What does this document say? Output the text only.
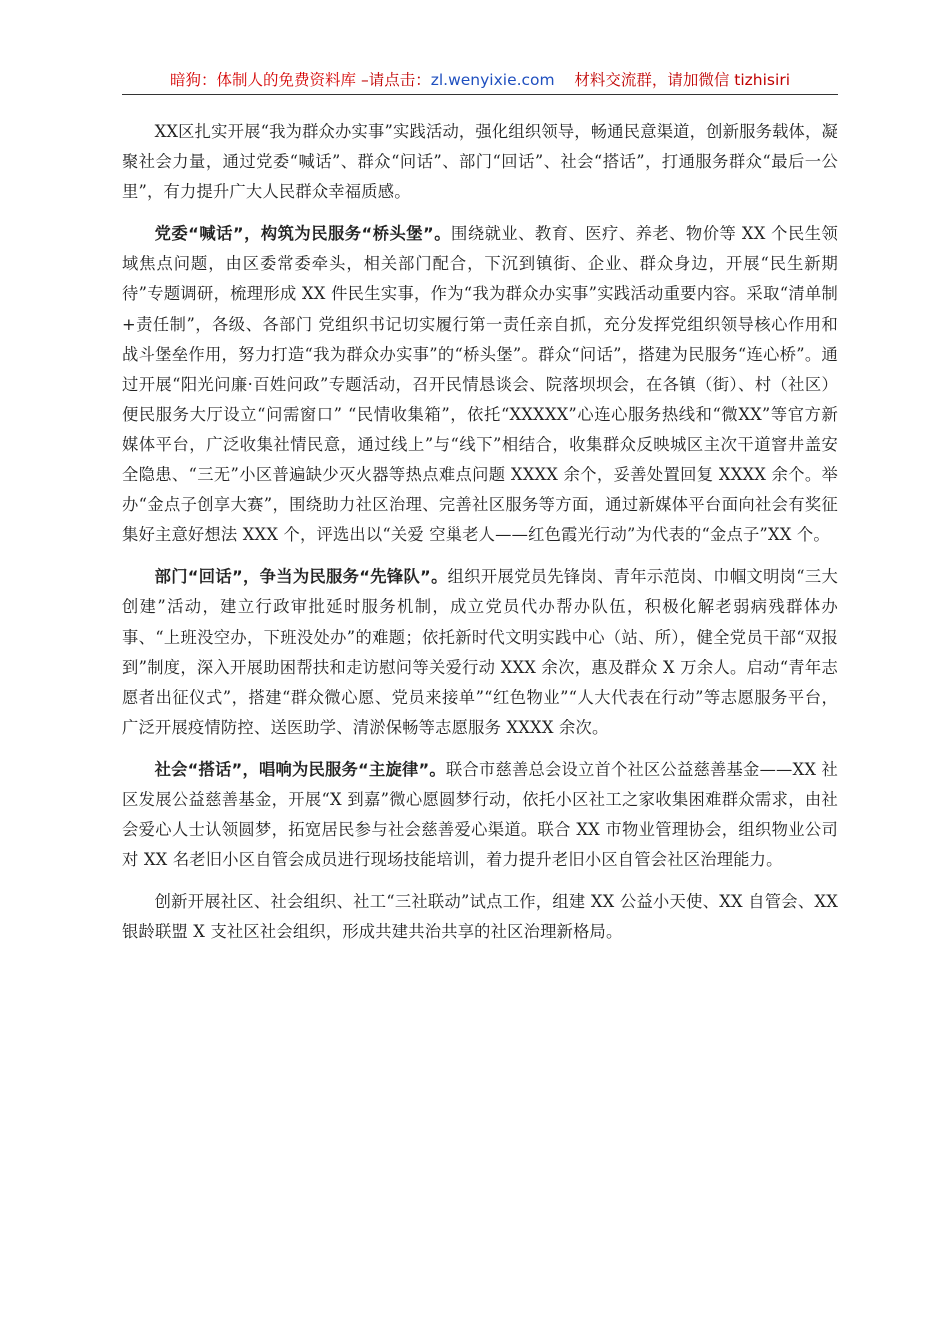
暗狗：体制人的免费资料库 –请点击：zl.wenyixie.com 材料交流群，请加微信 tizhisiri

XX区扎实开展“我为群众办实事”实践活动，强化组织领导，畅通民意渠道，创新服务载体，凝聚社会力量，通过党委“喊话”、群众“问话”、部门“回话”、社会“搭话”，打通服务群众“最后一公里”，有力提升广大人民群众幸福质感。

党委“喊话”，构筑为民服务“桥头堡”。围绕就业、教育、医疗、养老、物价等 XX 个民生领域焦点问题，由区委常委牵头，相关部门配合，下沉到镇街、企业、群众身边，开展“民生新期待”专题调研，梳理形成 XX 件民生实事，作为“我为群众办实事”实践活动重要内容。采取“清单制+责任制”，各级、各部门 党组织书记切实履行第一责任亲自抓，充分发挥党组织领导核心作用和战斗堡垒作用，努力打造“我为群众办实事”的“桥头堡”。群众“问话”，搭建为民服务“连心桥”。通过开展“阳光问廉·百姓问政”专题活动，召开民情恳谈会、院落坝坝会，在各镇（街）、村（社区）便民服务大厅设立“问需窗口” “民情收集箱”，依托“XXXXX”心连心服务热线和“微XX”等官方新媒体平台，广泛收集社情民意，通过线上”与“线下”相结合，收集群众反映城区主次干道窨井盖安全隐患、“三无”小区普遍缺少灭火器等热点难点问题 XXXX 余个，妥善处置回复 XXXX 余个。举办“金点子创享大赛”，围绕助力社区治理、完善社区服务等方面，通过新媒体平台面向社会有奖征集好主意好想法 XXX 个，评选出以“关爱 空巢老人——红色霞光行动”为代表的“金点子”XX 个。

部门“回话”，争当为民服务“先锋队”。组织开展党员先锋岗、青年示范岗、巾帼文明岗“三大创建”活动，建立行政审批延时服务机制，成立党员代办帮办队伍，积极化解老弱病残群体办事、“上班没空办，下班没处办”的难题；依托新时代文明实践中心（站、所），健全党员干部“双报到”制度，深入开展助困帮扶和走访慰问等关爱行动 XXX 余次，惠及群众 X 万余人。启动“青年志愿者出征仪式”，搭建“群众微心愿、党员来接单”“红色物业”“人大代表在行动”等志愿服务平台，广泛开展疫情防控、送医助学、清淤保畅等志愿服务 XXXX 余次。

社会“搭话”，唱响为民服务“主旋律”。联合市慈善总会设立首个社区公益慈善基金——XX 社区发展公益慈善基金，开展“X 到嘉”微心愿圆梦行动，依托小区社工之家收集困难群众需求，由社会爱心人士认领圆梦，拓宽居民参与社会慈善爱心渠道。联合 XX 市物业管理协会，组织物业公司对 XX 名老旧小区自管会成员进行现场技能培训，着力提升老旧小区自管会社区治理能力。

创新开展社区、社会组织、社工“三社联动”试点工作，组建 XX 公益小天使、XX 自管会、XX 银龄联盟 X 支社区社会组织，形成共建共治共享的社区治理新格局。
